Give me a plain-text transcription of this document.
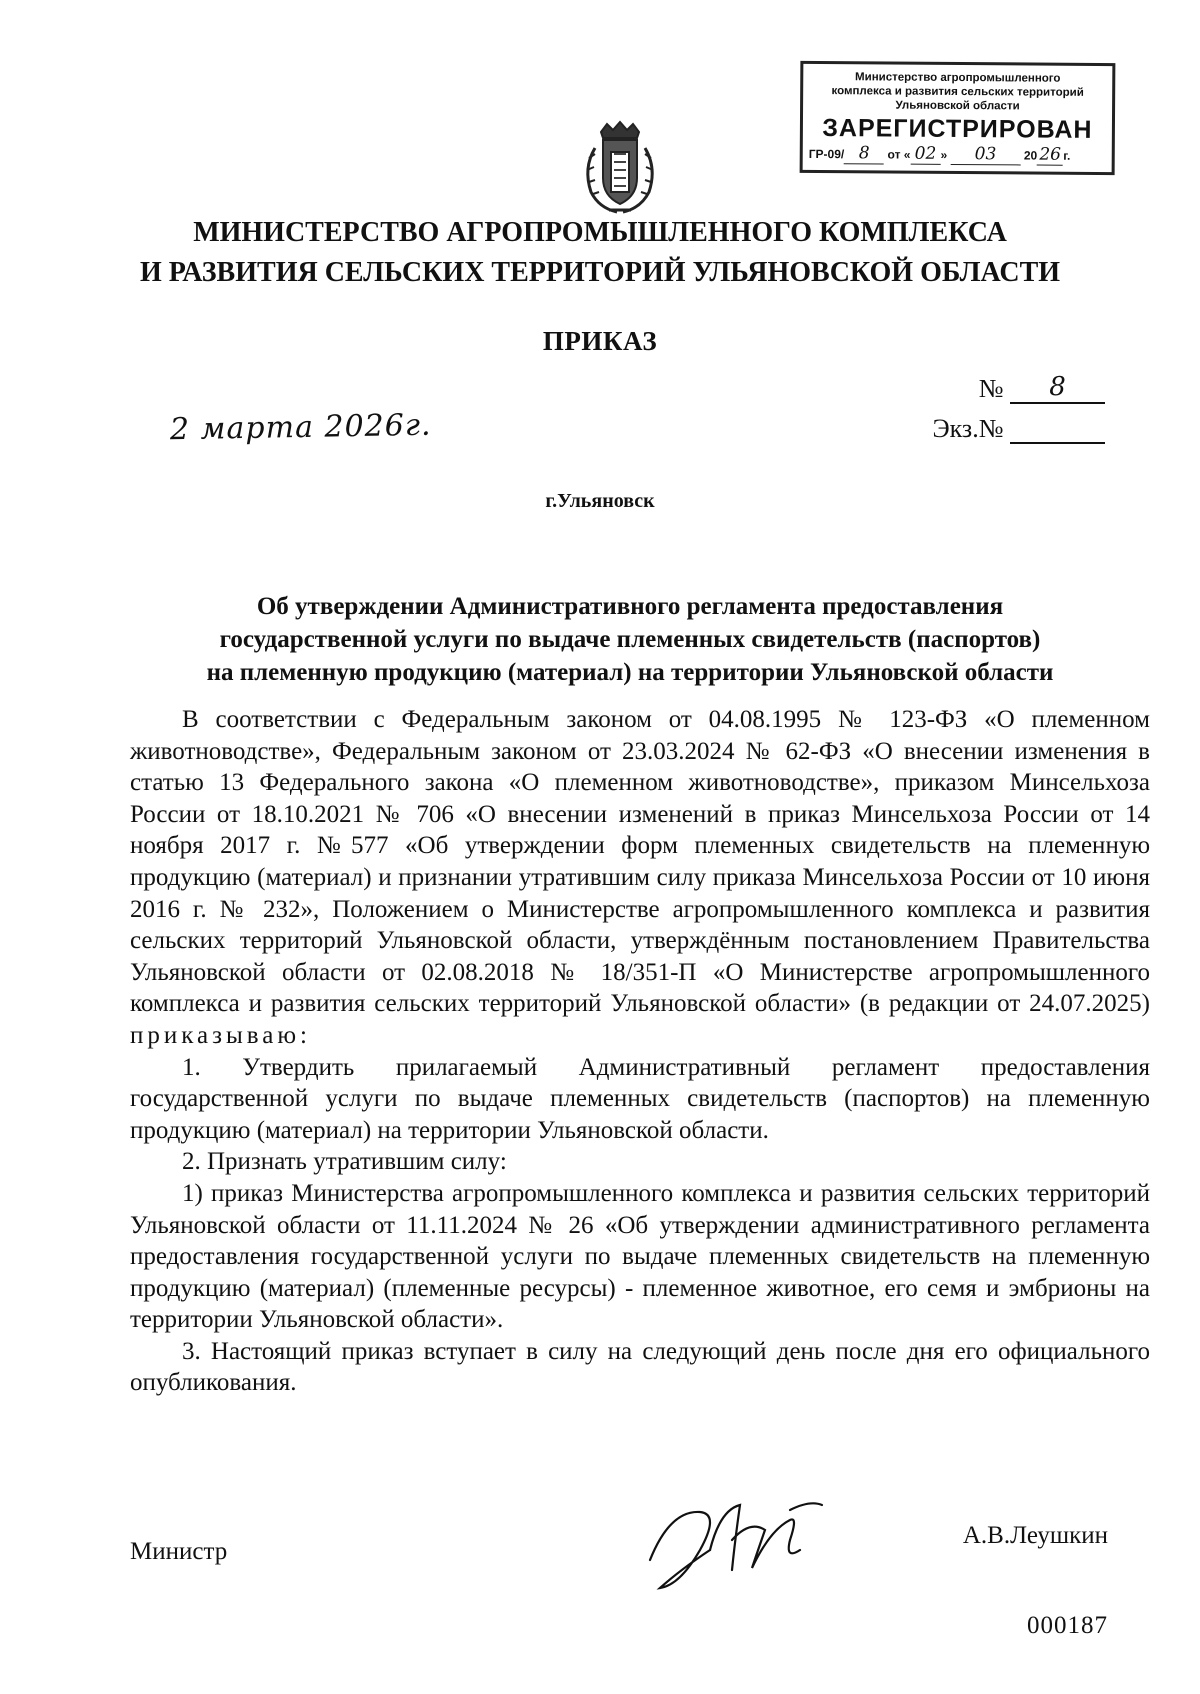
Министерство агропромышленного
комплекса и развития сельских территорий
Ульяновской области
ЗАРЕГИСТРИРОВАН
ГР-09/ 8 от « 02 » 03 20 26 г.
МИНИСТЕРСТВО АГРОПРОМЫШЛЕННОГО КОМПЛЕКСА
И РАЗВИТИЯ СЕЛЬСКИХ ТЕРРИТОРИЙ УЛЬЯНОВСКОЙ ОБЛАСТИ
ПРИКАЗ
2 марта 2026г.
№ 8
Экз.№
г.Ульяновск
Об утверждении Административного регламента предоставления
государственной услуги по выдаче племенных свидетельств (паспортов)
на племенную продукцию (материал) на территории Ульяновской области

В соответствии с Федеральным законом от 04.08.1995 № 123-ФЗ «О племенном животноводстве», Федеральным законом от 23.03.2024 № 62-ФЗ «О внесении изменения в статью 13 Федерального закона «О племенном животноводстве», приказом Минсельхоза России от 18.10.2021 № 706 «О внесении изменений в приказ Минсельхоза России от 14 ноября 2017 г. №577 «Об утверждении форм племенных свидетельств на племенную продукцию (материал) и признании утратившим силу приказа Минсельхоза России от 10 июня 2016 г. № 232», Положением о Министерстве агропромышленного комплекса и развития сельских территорий Ульяновской области, утверждённым постановлением Правительства Ульяновской области от 02.08.2018 № 18/351-П «О Министерстве агропромышленного комплекса и развития сельских территорий Ульяновской области» (в редакции от 24.07.2025) приказываю:

1. Утвердить прилагаемый Административный регламент предоставления государственной услуги по выдаче племенных свидетельств (паспортов) на племенную продукцию (материал) на территории Ульяновской области.

2. Признать утратившим силу:

1) приказ Министерства агропромышленного комплекса и развития сельских территорий Ульяновской области от 11.11.2024 № 26 «Об утверждении административного регламента предоставления государственной услуги по выдаче племенных свидетельств на племенную продукцию (материал) (племенные ресурсы) - племенное животное, его семя и эмбрионы на территории Ульяновской области».

3. Настоящий приказ вступает в силу на следующий день после дня его официального опубликования.

Министр
А.В.Леушкин
000187
